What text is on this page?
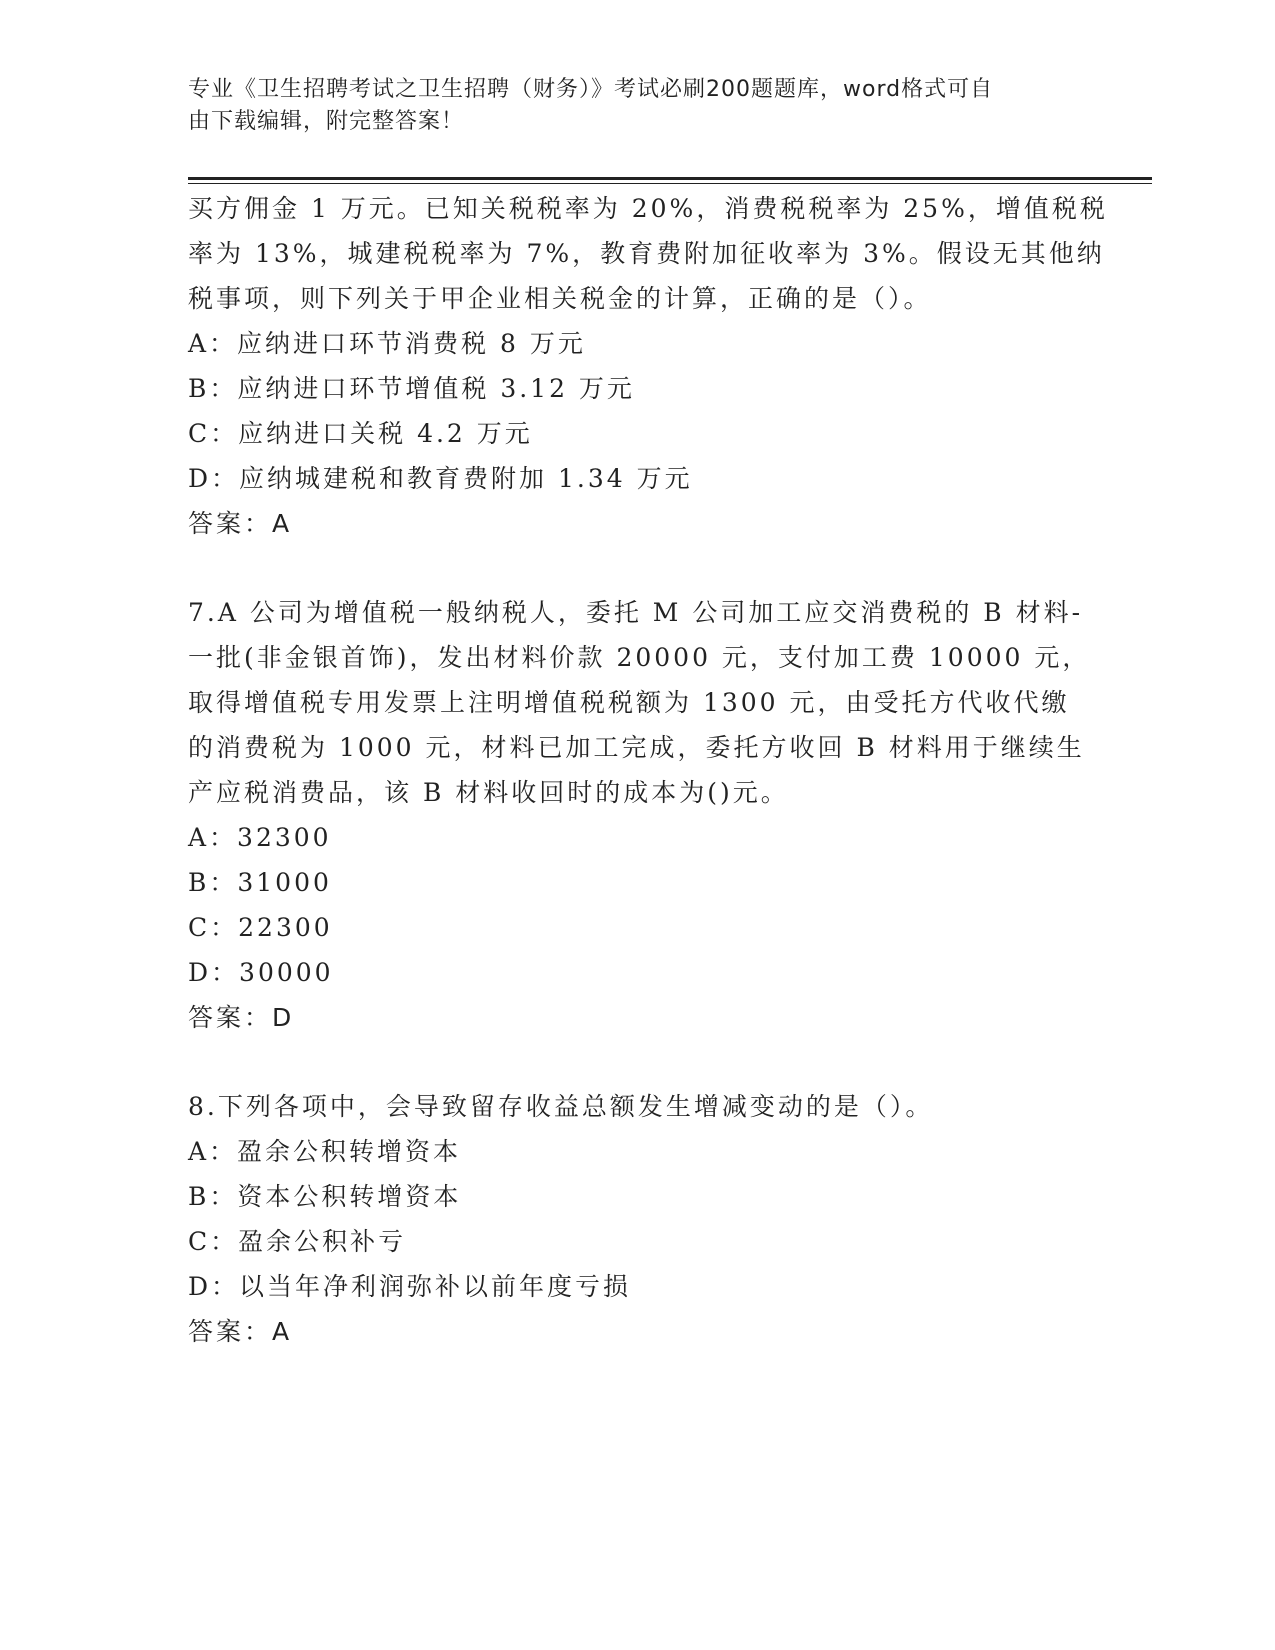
专业《卫生招聘考试之卫生招聘（财务）》考试必刷200题题库，word格式可自
由下载编辑，附完整答案！
买方佣金 1 万元。已知关税税率为 20%，消费税税率为 25%，增值税税
率为 13%，城建税税率为 7%，教育费附加征收率为 3%。假设无其他纳
税事项，则下列关于甲企业相关税金的计算，正确的是（）。
A：应纳进口环节消费税 8 万元
B：应纳进口环节增值税 3.12 万元
C：应纳进口关税 4.2 万元
D：应纳城建税和教育费附加 1.34 万元
答案：A
7.A 公司为增值税一般纳税人，委托 M 公司加工应交消费税的 B 材料-
一批(非金银首饰)，发出材料价款 20000 元，支付加工费 10000 元，
取得增值税专用发票上注明增值税税额为 1300 元，由受托方代收代缴
的消费税为 1000 元，材料已加工完成，委托方收回 B 材料用于继续生
产应税消费品，该 B 材料收回时的成本为()元。
A：32300
B：31000
C：22300
D：30000
答案：D
8.下列各项中，会导致留存收益总额发生增减变动的是（）。
A：盈余公积转增资本
B：资本公积转增资本
C：盈余公积补亏
D：以当年净利润弥补以前年度亏损
答案：A
